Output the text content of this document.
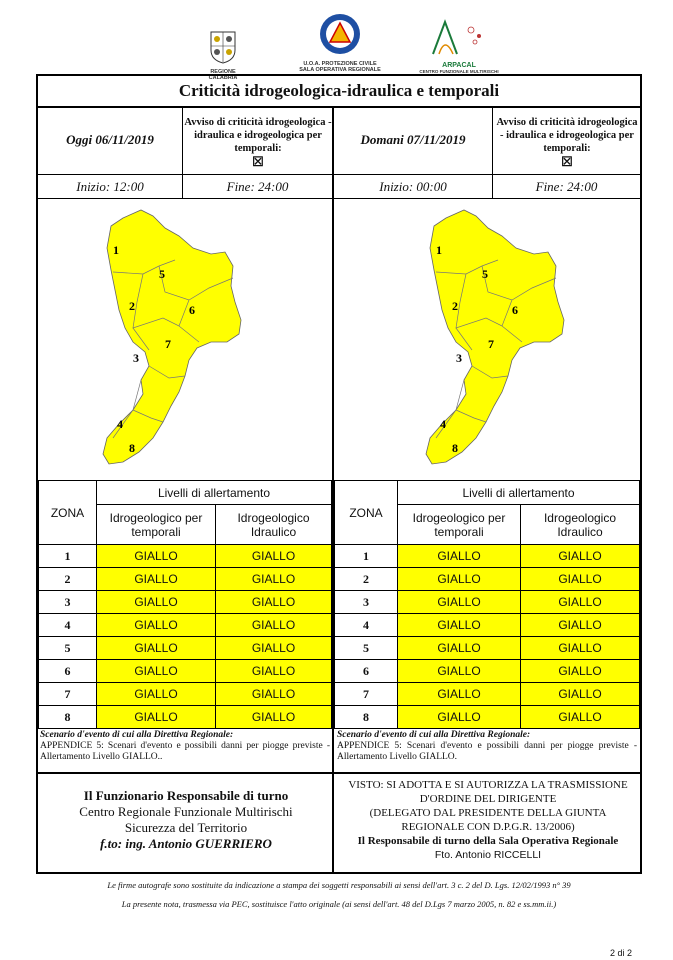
REGIONE CALABRIA
U.O.A. PROTEZIONE CIVILE
SALA OPERATIVA REGIONALE
ARPACAL
CENTRO FUNZIONALE MULTIRISCHI
Criticità idrogeologica-idraulica e temporali
Oggi 06/11/2019
Avviso di criticità idrogeologica - idraulica e idrogeologica per temporali:
☒
Domani 07/11/2019
Avviso di criticità idrogeologica - idraulica e idrogeologica per temporali:
☒
Inizio: 12:00	Fine: 24:00	Inizio: 00:00	Fine: 24:00
1
2
3
4
5
6
7
8
1
2
3
4
5
6
7
8
ZONA	Livelli di allertamento	
	Idrogeologico per temporali	Idrogeologico Idraulico
1	GIALLO	GIALLO
2	GIALLO	GIALLO
3	GIALLO	GIALLO
4	GIALLO	GIALLO
5	GIALLO	GIALLO
6	GIALLO	GIALLO
7	GIALLO	GIALLO
8	GIALLO	GIALLO
ZONA	Livelli di allertamento	
	Idrogeologico per temporali	Idrogeologico Idraulico
1	GIALLO	GIALLO
2	GIALLO	GIALLO
3	GIALLO	GIALLO
4	GIALLO	GIALLO
5	GIALLO	GIALLO
6	GIALLO	GIALLO
7	GIALLO	GIALLO
8	GIALLO	GIALLO
Scenario d'evento di cui alla Direttiva Regionale:
APPENDICE 5: Scenari d'evento e possibili danni per piogge previste - Allertamento Livello GIALLO..
Scenario d'evento di cui alla Direttiva Regionale:
APPENDICE 5: Scenari d'evento e possibili danni per piogge previste - Allertamento Livello GIALLO.
Il Funzionario Responsabile di turno
Centro Regionale Funzionale Multirischi
Sicurezza del Territorio
f.to: ing. Antonio GUERRIERO
VISTO: SI ADOTTA E SI AUTORIZZA LA TRASMISSIONE D'ORDINE DEL DIRIGENTE
(DELEGATO DAL PRESIDENTE DELLA GIUNTA REGIONALE CON D.P.G.R. 13/2006)
Il Responsabile di turno della Sala Operativa Regionale
Fto. Antonio RICCELLI
Le firme autografe sono sostituite da indicazione a stampa dei soggetti responsabili ai sensi dell'art. 3 c. 2 del D. Lgs. 12/02/1993 n° 39
La presente nota, trasmessa via PEC, sostituisce l'atto originale (ai sensi dell'art. 48 del D.Lgs 7 marzo 2005, n. 82 e ss.mm.ii.)
2 di 2
